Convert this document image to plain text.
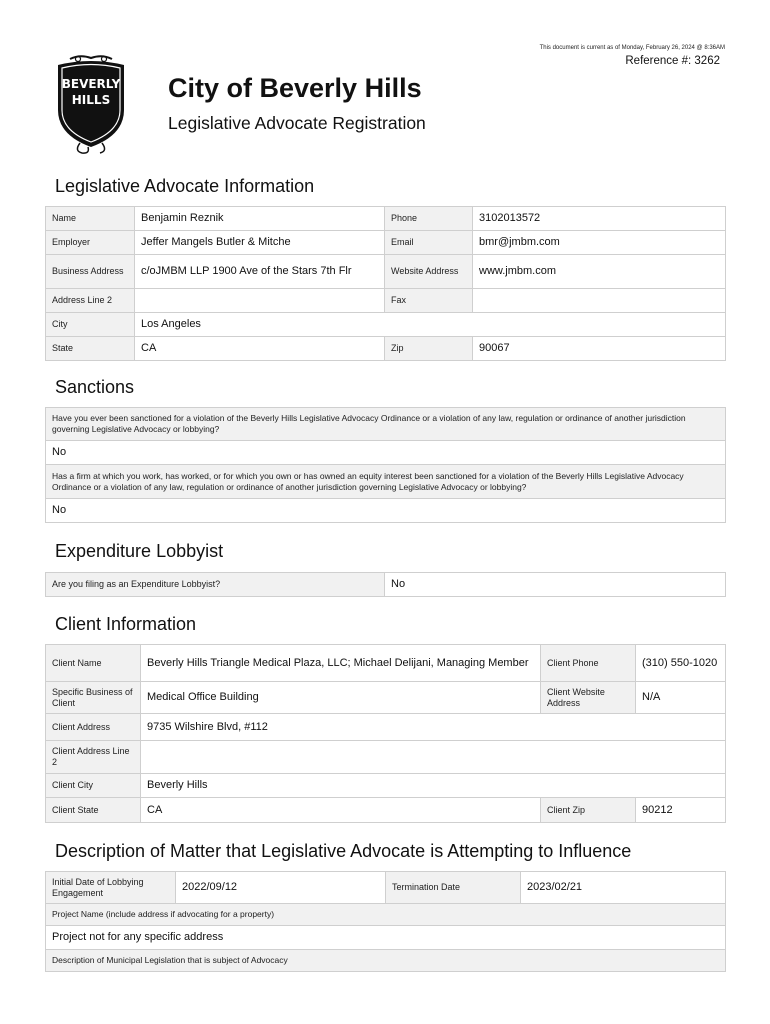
This document is current as of Monday, February 26, 2024 @ 8:36AM
Reference #: 3262
BEVERLY
HILLS City of Beverly Hills
Legislative Advocate Registration
Legislative Advocate Information
Name	Benjamin Reznik	Phone	3102013572
Employer	Jeffer Mangels Butler & Mitche	Email	bmr@jmbm.com
Business Address	c/oJMBM LLP 1900 Ave of the Stars 7th Flr	Website Address	www.jmbm.com
Address Line 2		Fax	
City	Los Angeles		
State	CA	Zip	90067
Sanctions
Have you ever been sanctioned for a violation of the Beverly Hills Legislative Advocacy Ordinance or a violation of any law, regulation or ordinance of another jurisdiction governing Legislative Advocacy or lobbying?
No
Has a firm at which you work, has worked, or for which you own or has owned an equity interest been sanctioned for a violation of the Beverly Hills Legislative Advocacy Ordinance or a violation of any law, regulation or ordinance of another jurisdiction governing Legislative Advocacy or lobbying?
No
Expenditure Lobbyist
Are you filing as an Expenditure Lobbyist?	No
Client Information
Client Name	Beverly Hills Triangle Medical Plaza, LLC; Michael Delijani, Managing Member	Client Phone	(310) 550-1020
Specific Business of Client	Medical Office Building	Client Website Address	N/A
Client Address	9735 Wilshire Blvd, #112		
Client Address Line 2			
Client City	Beverly Hills		
Client State	CA	Client Zip	90212
Description of Matter that Legislative Advocate is Attempting to Influence
Initial Date of Lobbying Engagement	2022/09/12	Termination Date	2023/02/21
Project Name (include address if advocating for a property)
Project not for any specific address
Description of Municipal Legislation that is subject of Advocacy
